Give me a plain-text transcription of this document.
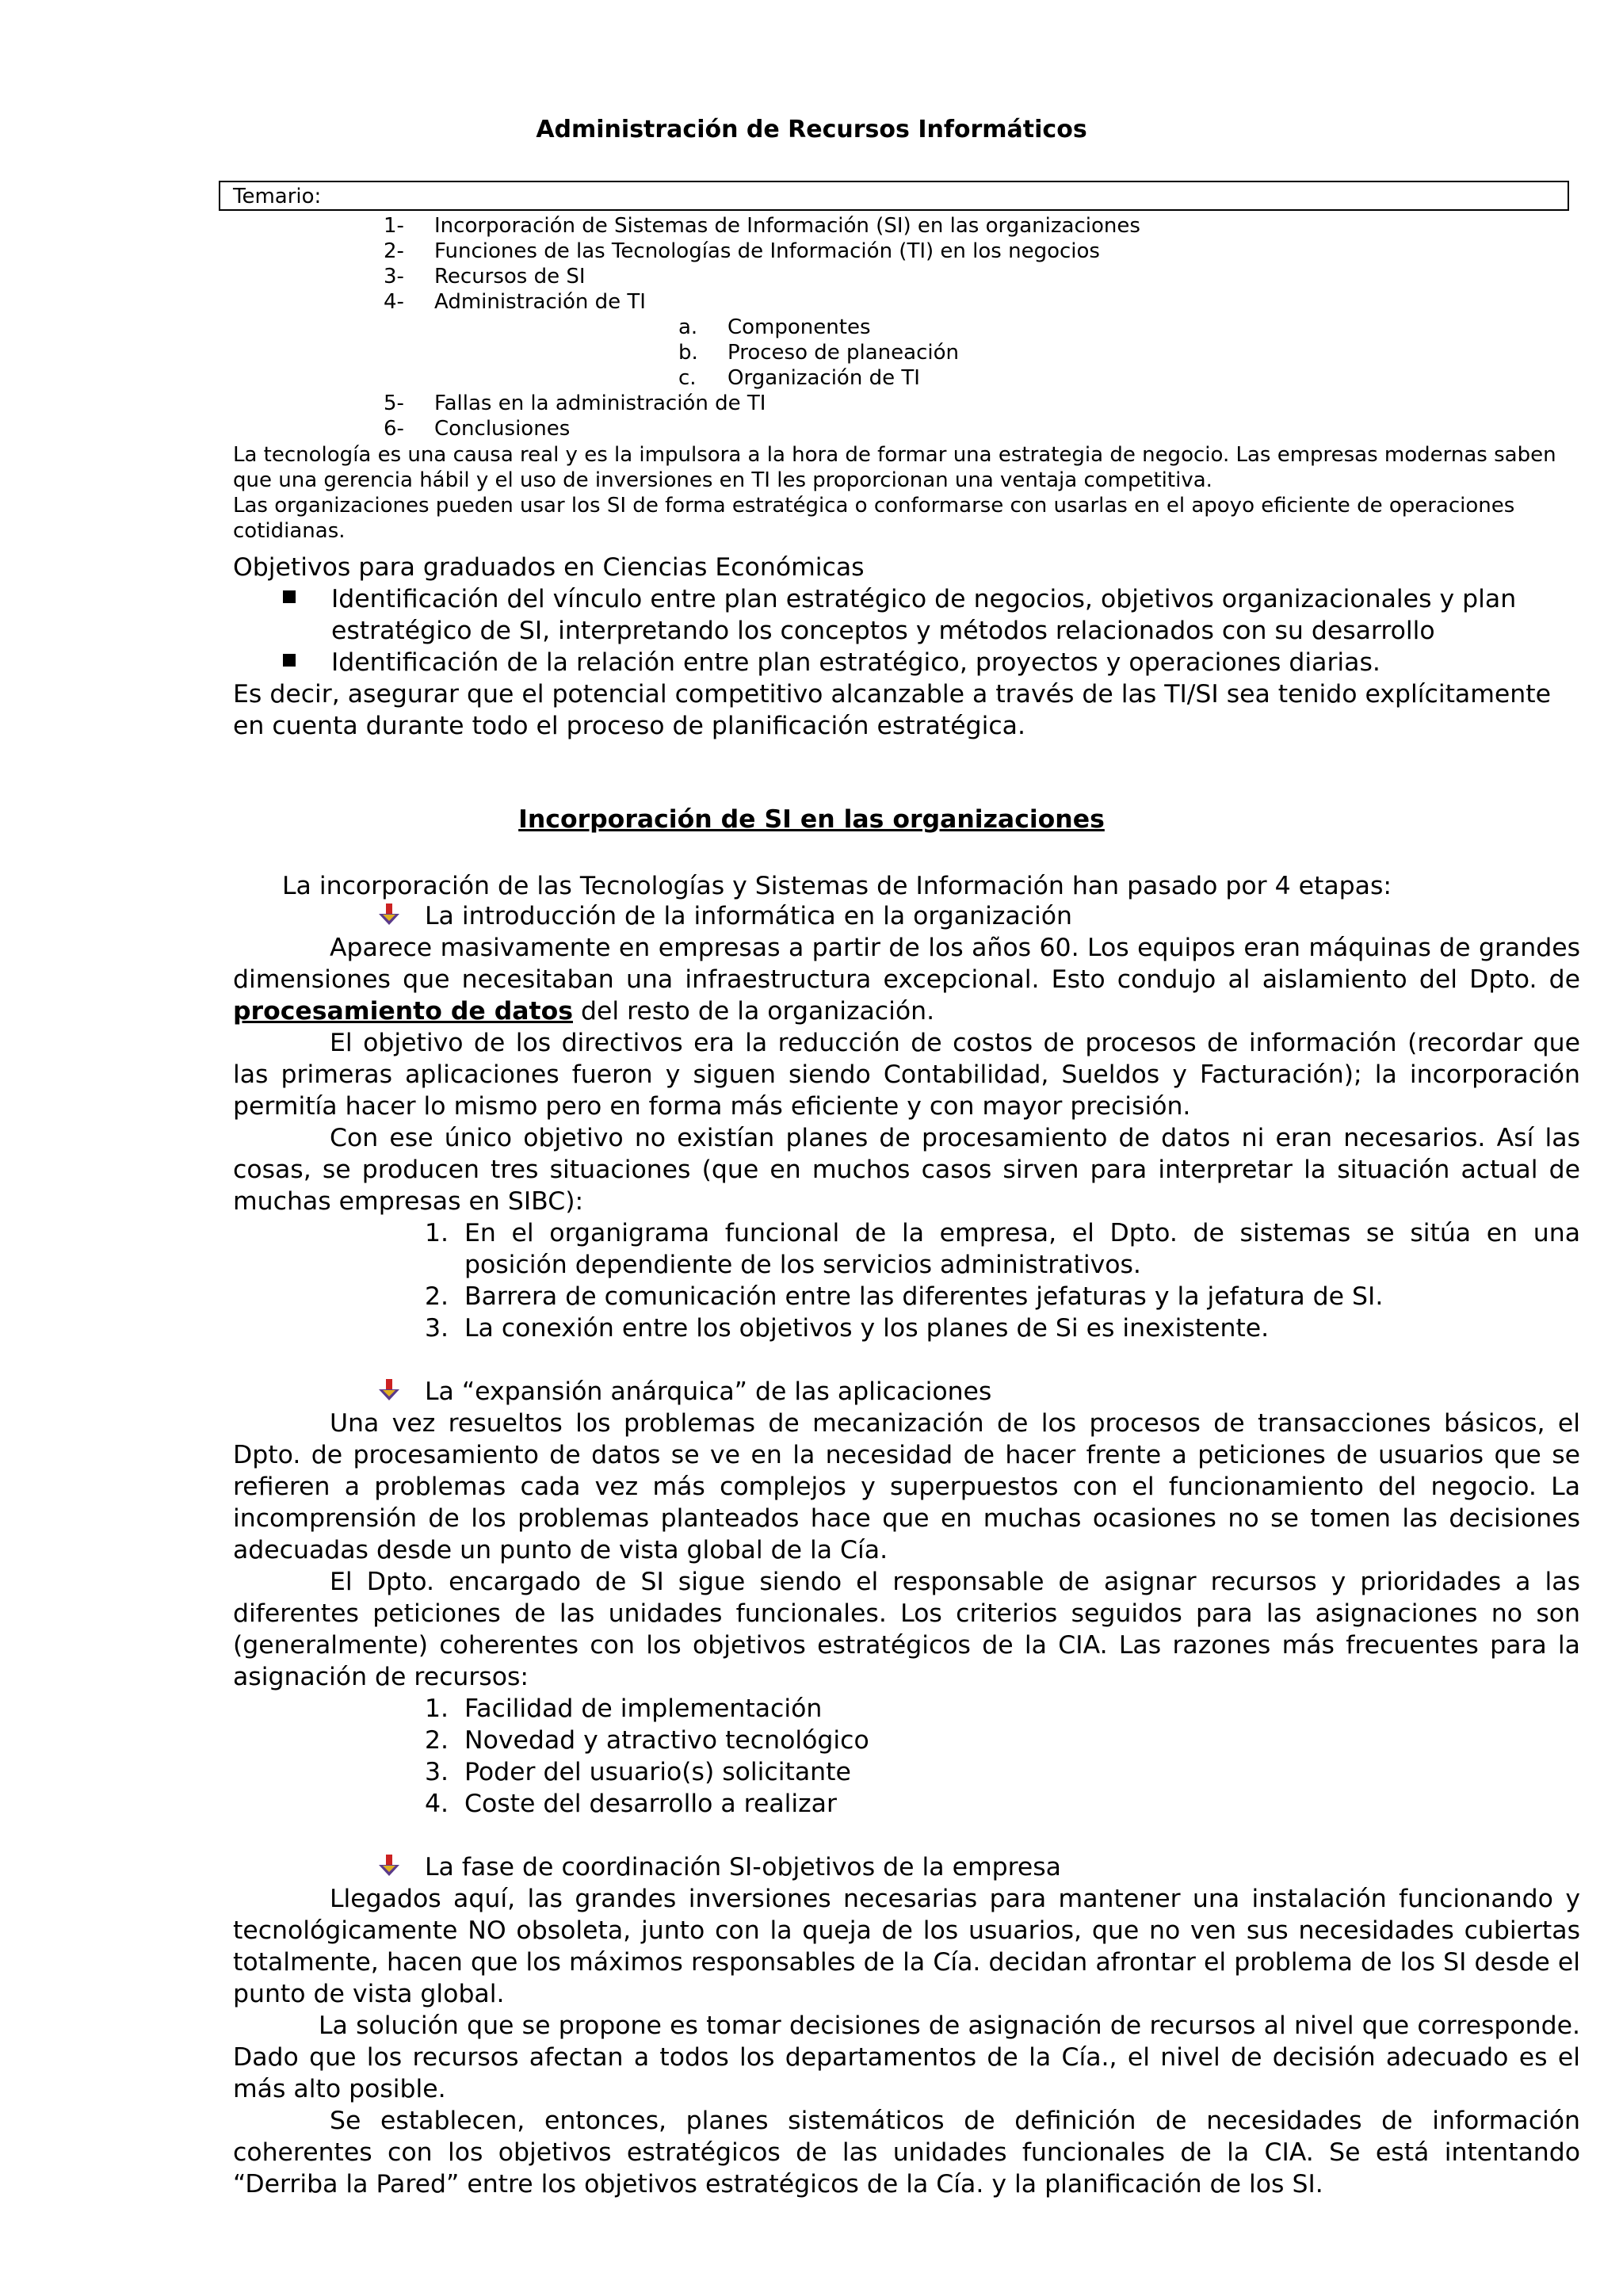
Administración de Recursos Informáticos
Temario:
1- Incorporación de Sistemas de Información (SI) en las organizaciones
2- Funciones de las Tecnologías de Información (TI) en los negocios
3- Recursos de SI
4- Administración de TI
a. Componentes
b. Proceso de planeación
c. Organización de TI
5- Fallas en la administración de TI
6- Conclusiones
La tecnología es una causa real y es la impulsora a la hora de formar una estrategia de negocio. Las empresas modernas saben que una gerencia hábil y el uso de inversiones en TI les proporcionan una ventaja competitiva.
Las organizaciones pueden usar los SI de forma estratégica o conformarse con usarlas en el apoyo eficiente de operaciones cotidianas.
Objetivos para graduados en Ciencias Económicas
Identificación del vínculo entre plan estratégico de negocios, objetivos organizacionales y plan estratégico de SI, interpretando los conceptos y métodos relacionados con su desarrollo
Identificación de la relación entre plan estratégico, proyectos y operaciones diarias.
Es decir, asegurar que el potencial competitivo alcanzable a través de las TI/SI sea tenido explícitamente en cuenta durante todo el proceso de planificación estratégica.
Incorporación de SI en las organizaciones
La incorporación de las Tecnologías y Sistemas de Información han pasado por 4 etapas:
La introducción de la informática en la organización
Aparece masivamente en empresas a partir de los años 60. Los equipos eran máquinas de grandes dimensiones que necesitaban una infraestructura excepcional. Esto condujo al aislamiento del Dpto. de procesamiento de datos del resto de la organización.
El objetivo de los directivos era la reducción de costos de procesos de información (recordar que las primeras aplicaciones fueron y siguen siendo Contabilidad, Sueldos y Facturación); la incorporación permitía hacer lo mismo pero en forma más eficiente y con mayor precisión.
Con ese único objetivo no existían planes de procesamiento de datos ni eran necesarios. Así las cosas, se producen tres situaciones (que en muchos casos sirven para interpretar la situación actual de muchas empresas en SIBC):
1. En el organigrama funcional de la empresa, el Dpto. de sistemas se sitúa en una posición dependiente de los servicios administrativos.
2. Barrera de comunicación entre las diferentes jefaturas y la jefatura de SI.
3. La conexión entre los objetivos y los planes de Si es inexistente.
La “expansión anárquica” de las aplicaciones
Una vez resueltos los problemas de mecanización de los procesos de transacciones básicos, el Dpto. de procesamiento de datos se ve en la necesidad de hacer frente a peticiones de usuarios que se refieren a problemas cada vez más complejos y superpuestos con el funcionamiento del negocio. La incomprensión de los problemas planteados hace que en muchas ocasiones no se tomen las decisiones adecuadas desde un punto de vista global de la Cía.
El Dpto. encargado de SI sigue siendo el responsable de asignar recursos y prioridades a las diferentes peticiones de las unidades funcionales. Los criterios seguidos para las asignaciones no son (generalmente) coherentes con los objetivos estratégicos de la CIA. Las razones más frecuentes para la asignación de recursos:
1. Facilidad de implementación
2. Novedad y atractivo tecnológico
3. Poder del usuario(s) solicitante
4. Coste del desarrollo a realizar
La fase de coordinación SI-objetivos de la empresa
Llegados aquí, las grandes inversiones necesarias para mantener una instalación funcionando y tecnológicamente NO obsoleta, junto con la queja de los usuarios, que no ven sus necesidades cubiertas totalmente, hacen que los máximos responsables de la Cía. decidan afrontar el problema de los SI desde el punto de vista global.
La solución que se propone es tomar decisiones de asignación de recursos al nivel que corresponde. Dado que los recursos afectan a todos los departamentos de la Cía., el nivel de decisión adecuado es el más alto posible.
Se establecen, entonces, planes sistemáticos de definición de necesidades de información coherentes con los objetivos estratégicos de las unidades funcionales de la CIA. Se está intentando “Derriba la Pared” entre los objetivos estratégicos de la Cía. y la planificación de los SI.
